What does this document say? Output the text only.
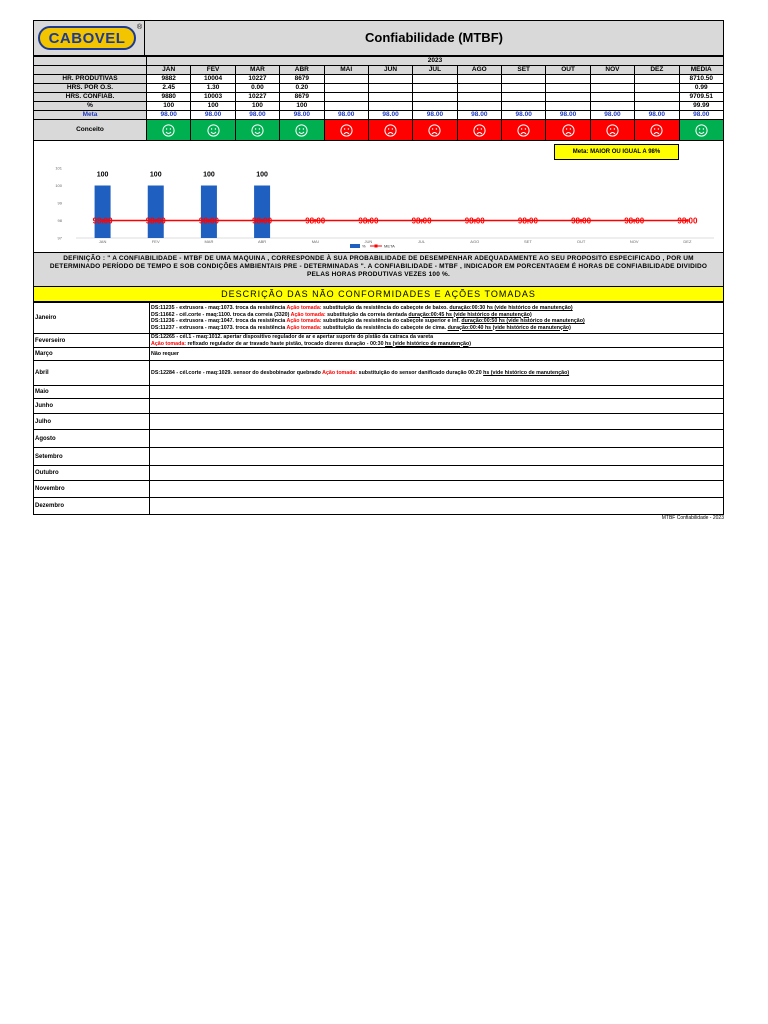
CABOVEL
®
Confiabilidade (MTBF)
	2023												
	JAN	FEV	MAR	ABR	MAI	JUN	JUL	AGO	SET	OUT	NOV	DEZ	MÉDIA
HR. PRODUTIVAS	9882	10004	10227	8679									8710.50
HRS. POR O.S.	2.45	1.30	0.00	0.20									0.99
HRS. CONFIAB.	9880	10003	10227	8679									9709.51
%	100	100	100	100									99.99
Meta	98.00	98.00	98.00	98.00	98.00	98.00	98.00	98.00	98.00	98.00	98.00	98.00	98.00
Conceito													
97
98
99
100
101
100	100	100	100
98.00	98.00	98.00	98.00	98.00	98.00	98.00	98.00	98.00	98.00	98.00	98.00
JAN	FEV	MAR	ABR	MAI	JUN	JUL	AGO	SET	OUT	NOV	DEZ
%	META
Meta: MAIOR OU IGUAL A 98%
DEFINIÇÃO : " A CONFIABILIDADE - MTBF DE UMA MAQUINA , CORRESPONDE À SUA PROBABILIDADE DE DESEMPENHAR ADEQUADAMENTE AO SEU PROPOSITO ESPECIFICADO , POR UM DETERMINADO PERÍODO DE TEMPO E SOB CONDIÇÕES AMBIENTAIS PRE - DETERMINADAS ". A CONFIABILIDADE - MTBF , INDICADOR EM PORCENTAGEM É HORAS DE CONFIABILIDADE DIVIDIDO PELAS HORAS PRODUTIVAS VEZES 100 %.
DESCRIÇÃO DAS NÃO CONFORMIDADES E AÇÕES TOMADAS
Janeiro	DS:11235 - extrusora - maq:1073. troca da resistência Ação tomada: substituição da resistência do cabeçote de baixo. duração:00:30 hs (vide histórico de manutenção)
DS:11662 - cél.corte - maq:1100. troca da correia (3320) Ação tomada: substituição da correia dentada duração:00:45 hs (vide histórico de manutenção)
DS:11236 - extrusora - maq:1047. troca da resistência Ação tomada: substituição da resistência do cabeçote superior e inf. duração:00:50 hs (vide histórico de manutenção)
DS:11237 - extrusora - maq:1073. troca da resistência Ação tomada: substituição da resistência do cabeçote de cima. duração:00:40 hs (vide histórico de manutenção)

Feverseiro	DS:12265 - cél.1 - maq:1012. apertar dispositivo regulador de ar e apertar suporte do pistão da catraca da vareta
Ação tomada: refixado regulador de ar travado haste pistão, trocado dizeres duração - 00:30 hs (vide histórico de manutenção)

Março	Não requer

Abril	DS:12284 - cél.corte - maq:1029. sensor do desbobinador quebrado Ação tomada: substituição do sensor danificado duração 00:20 hs (vide histórico de manutenção)

Maio	
Junho	
Julho	
Agosto	
Setembro	
Outubro	
Novembro	
Dezembro	
MTBF Confiabilidade - 2023
